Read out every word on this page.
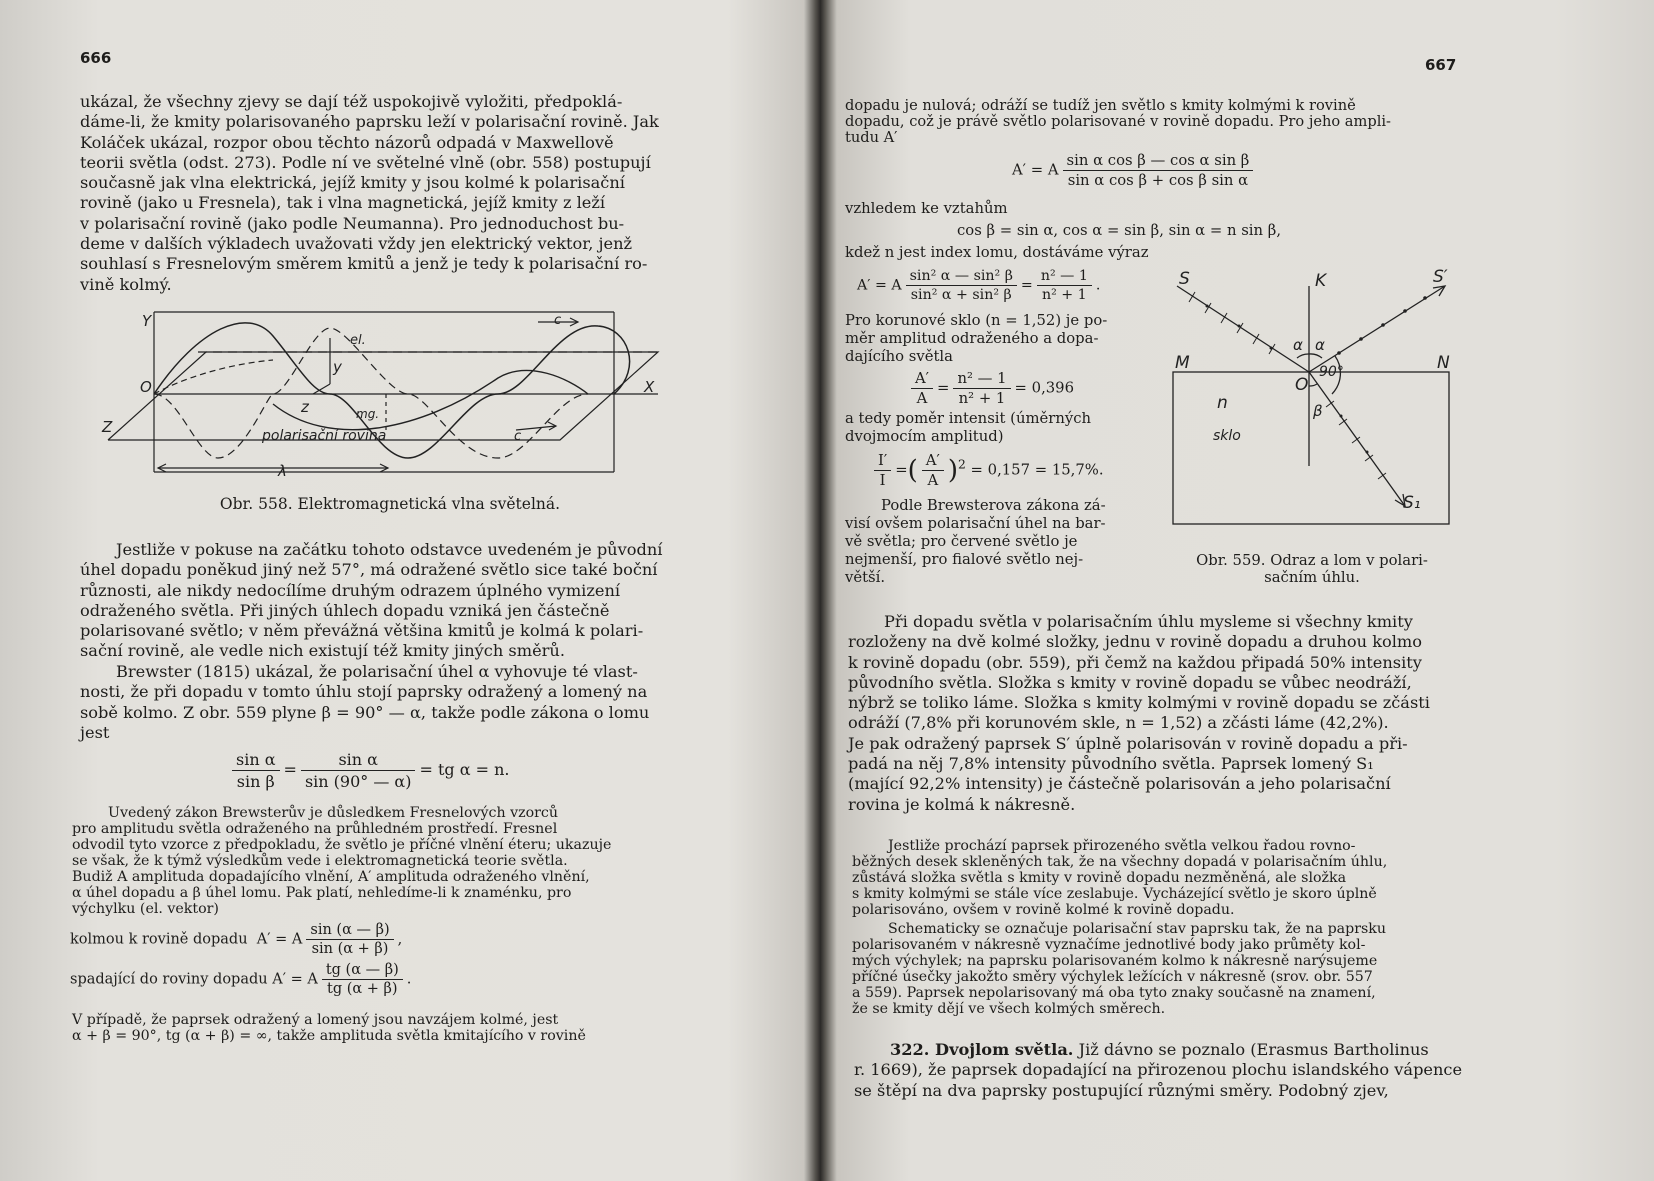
666
ukázal, že všechny zjevy se dají též uspokojivě vyložiti, předpoklá-
dáme-li, že kmity polarisovaného paprsku leží v polarisační rovině. Jak
Koláček ukázal, rozpor obou těchto názorů odpadá v Maxwellově
teorii světla (odst. 273). Podle ní ve světelné vlně (obr. 558) postupují
současně jak vlna elektrická, jejíž kmity y jsou kolmé k polarisační
rovině (jako u Fresnela), tak i vlna magnetická, jejíž kmity z leží
v polarisační rovině (jako podle Neumanna). Pro jednoduchost bu-
deme v dalších výkladech uvažovati vždy jen elektrický vektor, jenž
souhlasí s Fresnelovým směrem kmitů a jenž je tedy k polarisační ro-
vině kolmý.
Y
O
Z
X
el.
y
z	mg.
c
c
polarisační rovina
λ
Obr. 558. Elektromagnetická vlna světelná.
Jestliže v pokuse na začátku tohoto odstavce uvedeném je původní
úhel dopadu poněkud jiný než 57°, má odražené světlo sice také boční
různosti, ale nikdy nedocílíme druhým odrazem úplného vymizení
odraženého světla. Při jiných úhlech dopadu vzniká jen částečně
polarisované světlo; v něm převážná většina kmitů je kolmá k polari-
sační rovině, ale vedle nich existují též kmity jiných směrů.
Brewster (1815) ukázal, že polarisační úhel α vyhovuje té vlast-
nosti, že při dopadu v tomto úhlu stojí paprsky odražený a lomený na
sobě kolmo. Z obr. 559 plyne β = 90° — α, takže podle zákona o lomu
jest
$\frac{\text{sin α}}{\text{sin β}} = \frac{\text{sin α}}{\sin (90^\circ — \alpha)}$ = tg α = n.
Uvedený zákon Brewsterův je důsledkem Fresnelových vzorců
pro amplitudu světla odraženého na průhledném prostředí. Fresnel
odvodil tyto vzorce z předpokladu, že světlo je příčné vlnění éteru; ukazuje
se však, že k týmž výsledkům vede i elektromagnetická teorie světla.
Budiž A amplituda dopadajícího vlnění, A′ amplituda odraženého vlnění,
α úhel dopadu a β úhel lomu. Pak platí, nehledíme-li k znaménku, pro
výchylku (el. vektor)
kolmou k rovině dopadu A′ = A $\frac{\sin (\alpha — \beta)}{\sin (\alpha + \beta)}$ ,
spadající do roviny dopadu A′ = A $\frac{tg (\alpha — \beta)}{tg (\alpha + \beta)}$ .
V případě, že paprsek odražený a lomený jsou navzájem kolmé, jest
α + β = 90°, tg (α + β) = ∞, takže amplituda světla kmitajícího v rovině
667
dopadu je nulová; odráží se tudíž jen světlo s kmity kolmými k rovině
dopadu, což je právě světlo polarisované v rovině dopadu. Pro jeho ampli-
tudu A′
A′ = A $\frac{\text{sin α cos β — cos α sin β}}{\text{sin α cos β + cos β sin α}}$
vzhledem ke vztahům
cos β = sin α, cos α = sin β, sin α = n sin β,
kdež n jest index lomu, dostáváme výraz
A′ = A $\frac{\text{sin² α — sin² β}}{\text{sin² α + sin² β}} = \frac{\text{n² — 1}}{\text{n² + 1}}$ .
Pro korunové sklo (n = 1,52) je po-
měr amplitud odraženého a dopa-
dajícího světla
$\frac{A'}{A} = \frac{\text{n² — 1}}{\text{n² + 1}} = 0,396$
a tedy poměr intensit (úměrných
dvojmocím amplitud)
$\frac{I'}{I}$ =( $\frac{A'}{A} )^2 = 0,157 = 15,7\%$.
Podle Brewsterova zákona zá-
visí ovšem polarisační úhel na bar-
vě světla; pro červené světlo je
nejmenší, pro fialové světlo nej-
větší.
S	K	S′
M	N
O
n
sklo
α α
90°
β
S₁
Obr. 559. Odraz a lom v polari-
sačním úhlu.
Při dopadu světla v polarisačním úhlu mysleme si všechny kmity
rozloženy na dvě kolmé složky, jednu v rovině dopadu a druhou kolmo
k rovině dopadu (obr. 559), při čemž na každou připadá 50% intensity
původního světla. Složka s kmity v rovině dopadu se vůbec neodráží,
nýbrž se toliko láme. Složka s kmity kolmými v rovině dopadu se zčásti
odráží (7,8% při korunovém skle, n = 1,52) a zčásti láme (42,2%).
Je pak odražený paprsek S′ úplně polarisován v rovině dopadu a při-
padá na něj 7,8% intensity původního světla. Paprsek lomený S₁
(mající 92,2% intensity) je částečně polarisován a jeho polarisační
rovina je kolmá k nákresně.
Jestliže prochází paprsek přirozeného světla velkou řadou rovno-
běžných desek skleněných tak, že na všechny dopadá v polarisačním úhlu,
zůstává složka světla s kmity v rovině dopadu nezměněná, ale složka
s kmity kolmými se stále více zeslabuje. Vycházející světlo je skoro úplně
polarisováno, ovšem v rovině kolmé k rovině dopadu.
Schematicky se označuje polarisační stav paprsku tak, že na paprsku
polarisovaném v nákresně vyznačíme jednotlivé body jako průměty kol-
mých výchylek; na paprsku polarisovaném kolmo k nákresně narýsujeme
příčné úsečky jakožto směry výchylek ležících v nákresně (srov. obr. 557
a 559). Paprsek nepolarisovaný má oba tyto znaky současně na znamení,
že se kmity dějí ve všech kolmých směrech.
322. Dvojlom světla. Již dávno se poznalo (Erasmus Bartholinus
r. 1669), že paprsek dopadající na přirozenou plochu islandského vápence
se štěpí na dva paprsky postupující různými směry. Podobný zjev,
